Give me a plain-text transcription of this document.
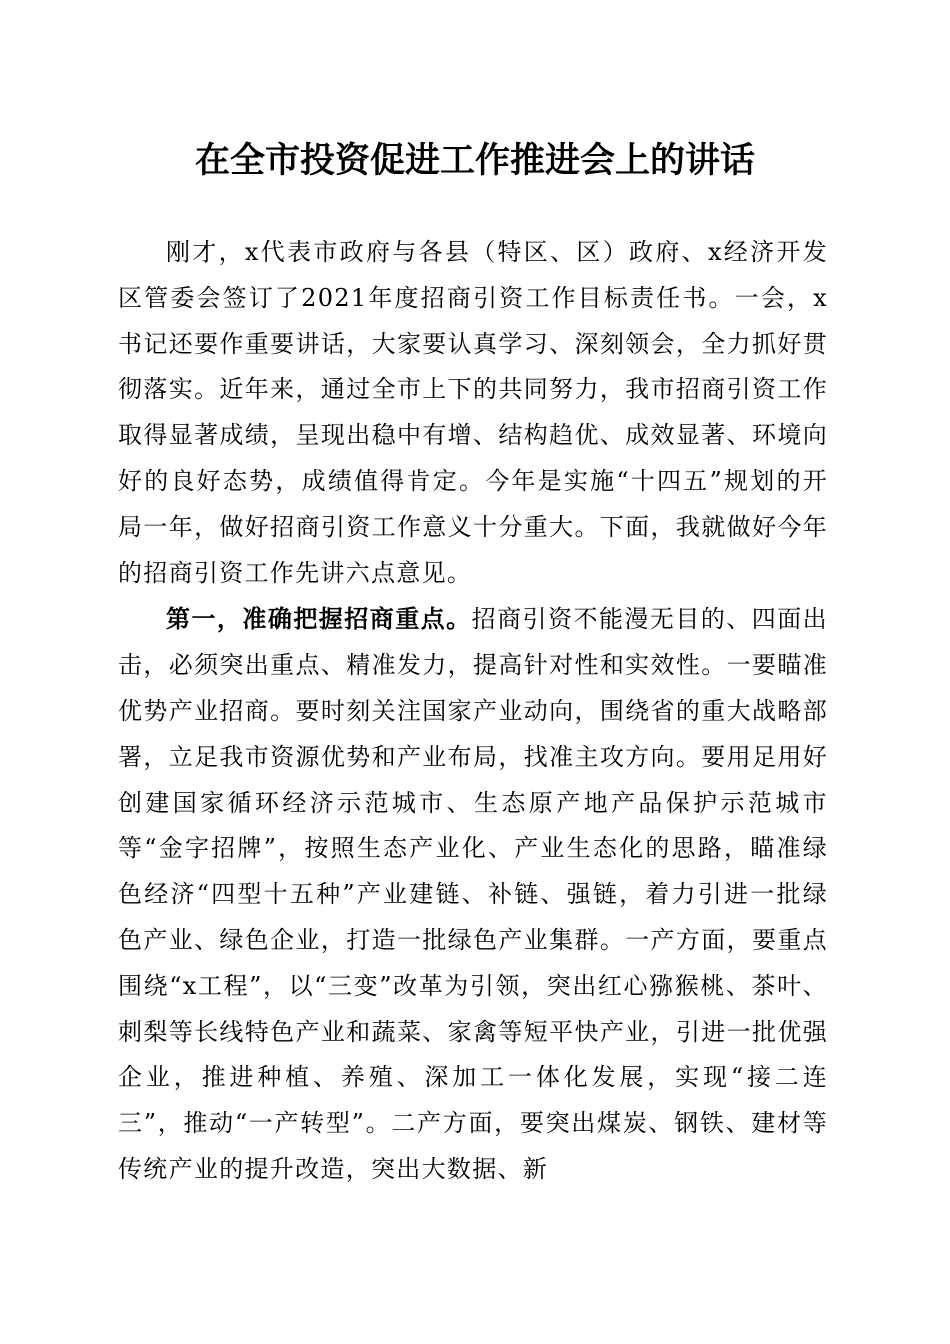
在全市投资促进工作推进会上的讲话

刚才，x代表市政府与各县（特区、区）政府、x经济开发区管委会签订了2021年度招商引资工作目标责任书。一会，x书记还要作重要讲话，大家要认真学习、深刻领会，全力抓好贯彻落实。近年来，通过全市上下的共同努力，我市招商引资工作取得显著成绩，呈现出稳中有增、结构趋优、成效显著、环境向好的良好态势，成绩值得肯定。今年是实施“十四五”规划的开局一年，做好招商引资工作意义十分重大。下面，我就做好今年的招商引资工作先讲六点意见。

第一，准确把握招商重点。招商引资不能漫无目的、四面出击，必须突出重点、精准发力，提高针对性和实效性。一要瞄准优势产业招商。要时刻关注国家产业动向，围绕省的重大战略部署，立足我市资源优势和产业布局，找准主攻方向。要用足用好创建国家循环经济示范城市、生态原产地产品保护示范城市等“金字招牌”，按照生态产业化、产业生态化的思路，瞄准绿色经济“四型十五种”产业建链、补链、强链，着力引进一批绿色产业、绿色企业，打造一批绿色产业集群。一产方面，要重点围绕“x工程”，以“三变”改革为引领，突出红心猕猴桃、茶叶、刺梨等长线特色产业和蔬菜、家禽等短平快产业，引进一批优强企业，推进种植、养殖、深加工一体化发展，实现“接二连三”，推动“一产转型”。二产方面，要突出煤炭、钢铁、建材等传统产业的提升改造，突出大数据、新
